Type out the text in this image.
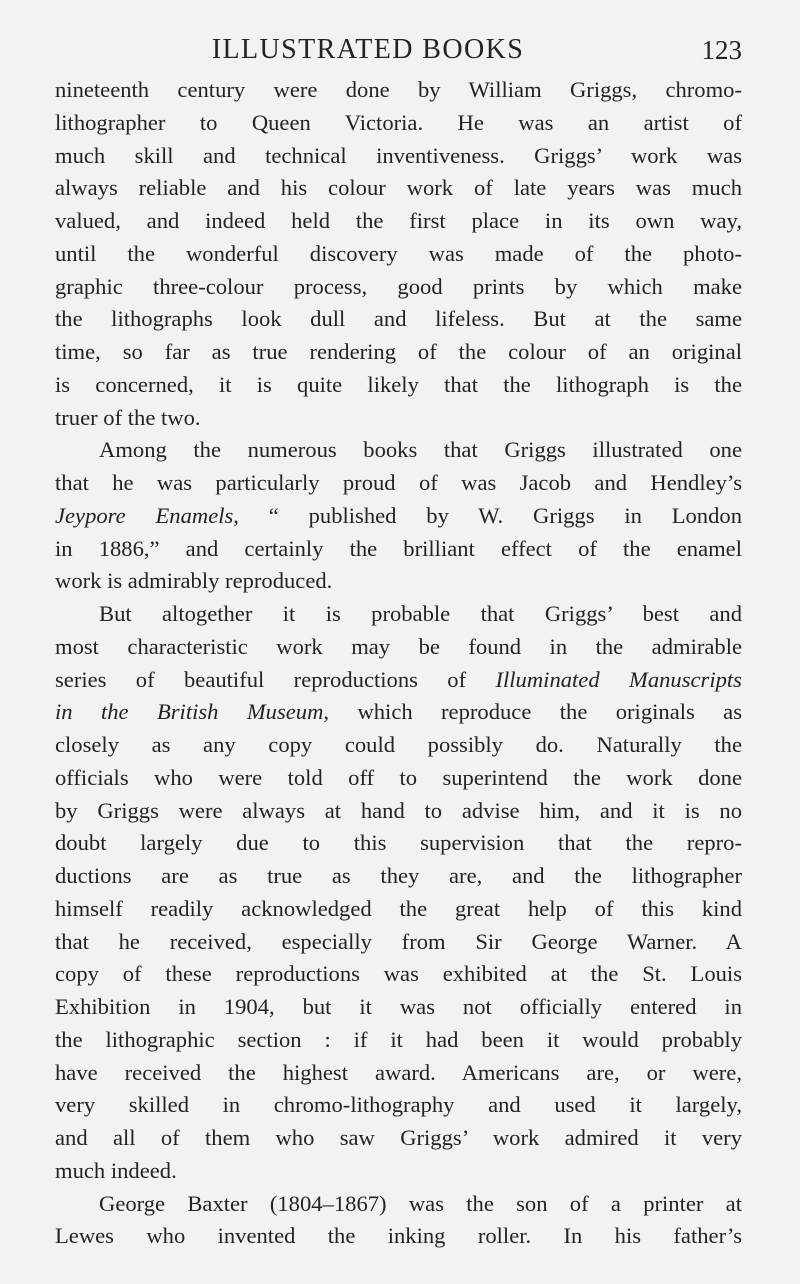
ILLUSTRATED BOOKS	123
nineteenth century were done by William Griggs, chromo-
lithographer to Queen Victoria. He was an artist of
much skill and technical inventiveness. Griggs’ work was
always reliable and his colour work of late years was much
valued, and indeed held the first place in its own way,
until the wonderful discovery was made of the photo-
graphic three-colour process, good prints by which make
the lithographs look dull and lifeless. But at the same
time, so far as true rendering of the colour of an original
is concerned, it is quite likely that the lithograph is the
truer of the two.
Among the numerous books that Griggs illustrated one
that he was particularly proud of was Jacob and Hendley’s
Jeypore Enamels, “ published by W. Griggs in London
in 1886,” and certainly the brilliant effect of the enamel
work is admirably reproduced.
But altogether it is probable that Griggs’ best and
most characteristic work may be found in the admirable
series of beautiful reproductions of Illuminated Manuscripts
in the British Museum, which reproduce the originals as
closely as any copy could possibly do. Naturally the
officials who were told off to superintend the work done
by Griggs were always at hand to advise him, and it is no
doubt largely due to this supervision that the repro-
ductions are as true as they are, and the lithographer
himself readily acknowledged the great help of this kind
that he received, especially from Sir George Warner. A
copy of these reproductions was exhibited at the St. Louis
Exhibition in 1904, but it was not officially entered in
the lithographic section : if it had been it would probably
have received the highest award. Americans are, or were,
very skilled in chromo-lithography and used it largely,
and all of them who saw Griggs’ work admired it very
much indeed.
George Baxter (1804–1867) was the son of a printer at
Lewes who invented the inking roller. In his father’s
